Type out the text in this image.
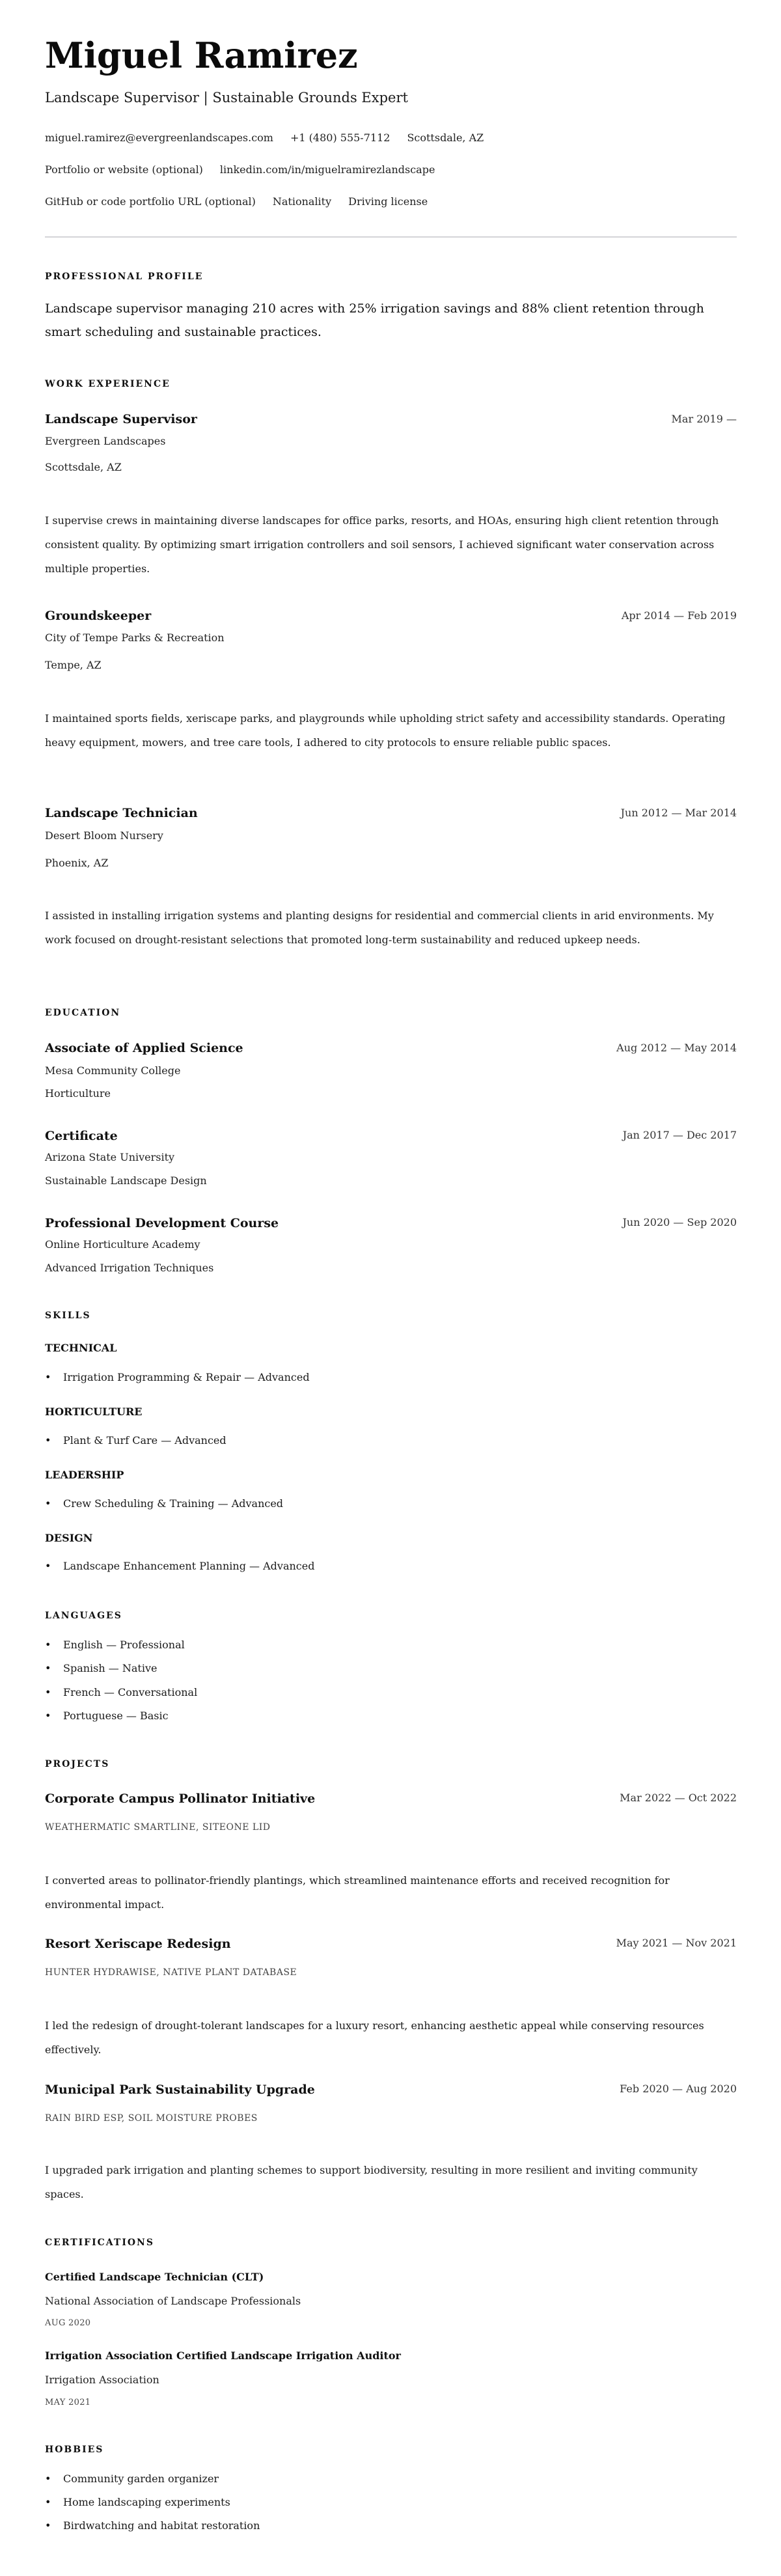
Miguel Ramirez
Landscape Supervisor | Sustainable Grounds Expert
miguel.ramirez@evergreenlandscapes.com +1 (480) 555-7112 Scottsdale, AZ
Portfolio or website (optional) linkedin.com/in/miguelramirezlandscape
GitHub or code portfolio URL (optional) Nationality Driving license
PROFESSIONAL PROFILE
Landscape supervisor managing 210 acres with 25% irrigation savings and 88% client retention through smart scheduling and sustainable practices.
WORK EXPERIENCE
Landscape Supervisor	Mar 2019 —
Evergreen Landscapes
Scottsdale, AZ
I supervise crews in maintaining diverse landscapes for office parks, resorts, and HOAs, ensuring high client retention through consistent quality. By optimizing smart irrigation controllers and soil sensors, I achieved significant water conservation across multiple properties.
Groundskeeper	Apr 2014 — Feb 2019
City of Tempe Parks & Recreation
Tempe, AZ
I maintained sports fields, xeriscape parks, and playgrounds while upholding strict safety and accessibility standards. Operating heavy equipment, mowers, and tree care tools, I adhered to city protocols to ensure reliable public spaces.
Landscape Technician	Jun 2012 — Mar 2014
Desert Bloom Nursery
Phoenix, AZ
I assisted in installing irrigation systems and planting designs for residential and commercial clients in arid environments. My work focused on drought-resistant selections that promoted long-term sustainability and reduced upkeep needs.
EDUCATION
Associate of Applied Science	Aug 2012 — May 2014
Mesa Community College
Horticulture
Certificate	Jan 2017 — Dec 2017
Arizona State University
Sustainable Landscape Design
Professional Development Course	Jun 2020 — Sep 2020
Online Horticulture Academy
Advanced Irrigation Techniques
SKILLS
TECHNICAL
• Irrigation Programming & Repair — Advanced
HORTICULTURE
• Plant & Turf Care — Advanced
LEADERSHIP
• Crew Scheduling & Training — Advanced
DESIGN
• Landscape Enhancement Planning — Advanced
LANGUAGES
• English — Professional
• Spanish — Native
• French — Conversational
• Portuguese — Basic
PROJECTS
Corporate Campus Pollinator Initiative	Mar 2022 — Oct 2022
WEATHERMATIC SMARTLINE, SITEONE LID
I converted areas to pollinator-friendly plantings, which streamlined maintenance efforts and received recognition for environmental impact.
Resort Xeriscape Redesign	May 2021 — Nov 2021
HUNTER HYDRAWISE, NATIVE PLANT DATABASE
I led the redesign of drought-tolerant landscapes for a luxury resort, enhancing aesthetic appeal while conserving resources effectively.
Municipal Park Sustainability Upgrade	Feb 2020 — Aug 2020
RAIN BIRD ESP, SOIL MOISTURE PROBES
I upgraded park irrigation and planting schemes to support biodiversity, resulting in more resilient and inviting community spaces.
CERTIFICATIONS
Certified Landscape Technician (CLT)
National Association of Landscape Professionals
AUG 2020
Irrigation Association Certified Landscape Irrigation Auditor
Irrigation Association
MAY 2021
HOBBIES
• Community garden organizer
• Home landscaping experiments
• Birdwatching and habitat restoration
